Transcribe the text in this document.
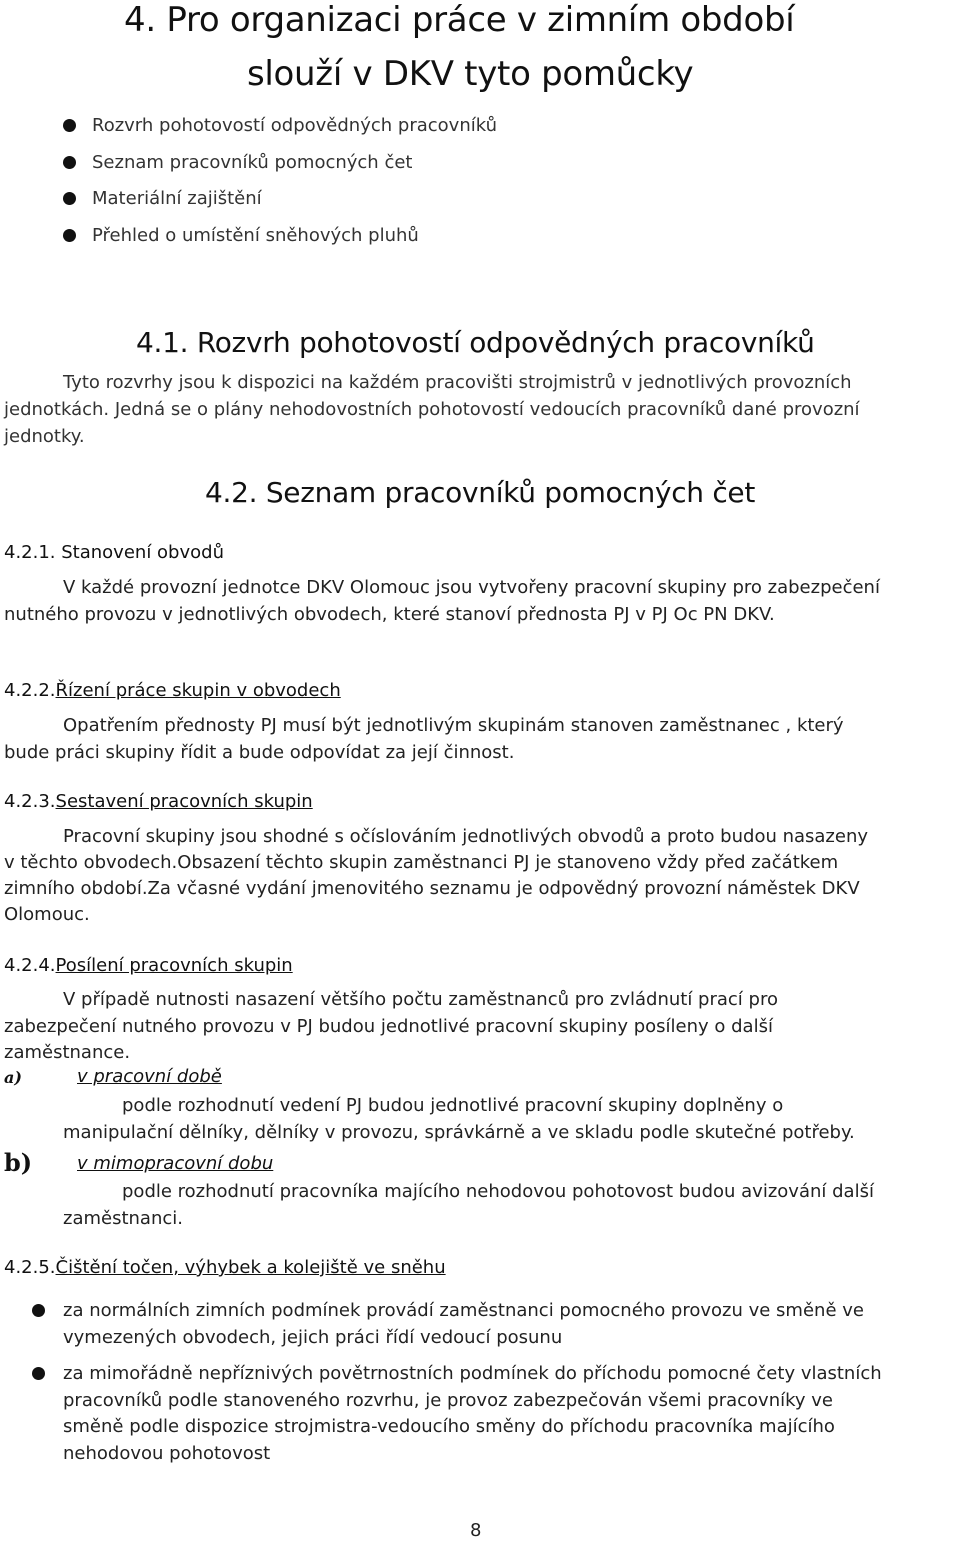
4. Pro organizaci práce v zimním období
slouží v DKV tyto pomůcky
Rozvrh pohotovostí odpovědných pracovníků
Seznam pracovníků pomocných čet
Materiální zajištění
Přehled o umístění sněhových pluhů
4.1. Rozvrh pohotovostí odpovědných pracovníků
Tyto rozvrhy jsou k dispozici na každém pracovišti strojmistrů v jednotlivých provozních
jednotkách. Jedná se o plány nehodovostních pohotovostí vedoucích pracovníků dané provozní
jednotky.
4.2. Seznam pracovníků pomocných čet
4.2.1. Stanovení obvodů
V každé provozní jednotce DKV Olomouc jsou vytvořeny pracovní skupiny pro zabezpečení
nutného provozu v jednotlivých obvodech, které stanoví přednosta PJ v PJ Oc PN DKV.
4.2.2.Řízení práce skupin v obvodech
Opatřením přednosty PJ musí být jednotlivým skupinám stanoven zaměstnanec , který
bude práci skupiny řídit a bude odpovídat za její činnost.
4.2.3.Sestavení pracovních skupin
Pracovní skupiny jsou shodné s očíslováním jednotlivých obvodů a proto budou nasazeny
v těchto obvodech.Obsazení těchto skupin zaměstnanci PJ je stanoveno vždy před začátkem
zimního období.Za včasné vydání jmenovitého seznamu je odpovědný provozní náměstek DKV
Olomouc.
4.2.4.Posílení pracovních skupin
V případě nutnosti nasazení většího počtu zaměstnanců pro zvládnutí prací pro
zabezpečení nutného provozu v PJ budou jednotlivé pracovní skupiny posíleny o další
zaměstnance.
a)	v pracovní době
podle rozhodnutí vedení PJ budou jednotlivé pracovní skupiny doplněny o
manipulační dělníky, dělníky v provozu, správkárně a ve skladu podle skutečné potřeby.
b) v mimopracovní dobu
podle rozhodnutí pracovníka majícího nehodovou pohotovost budou avizování další
zaměstnanci.
4.2.5.Čištění točen, výhybek a kolejiště ve sněhu
za normálních zimních podmínek provádí zaměstnanci pomocného provozu ve směně ve
vymezených obvodech, jejich práci řídí vedoucí posunu
za mimořádně nepříznivých povětrnostních podmínek do příchodu pomocné čety vlastních
pracovníků podle stanoveného rozvrhu, je provoz zabezpečován všemi pracovníky ve
směně podle dispozice strojmistra-vedoucího směny do příchodu pracovníka majícího
nehodovou pohotovost
8
